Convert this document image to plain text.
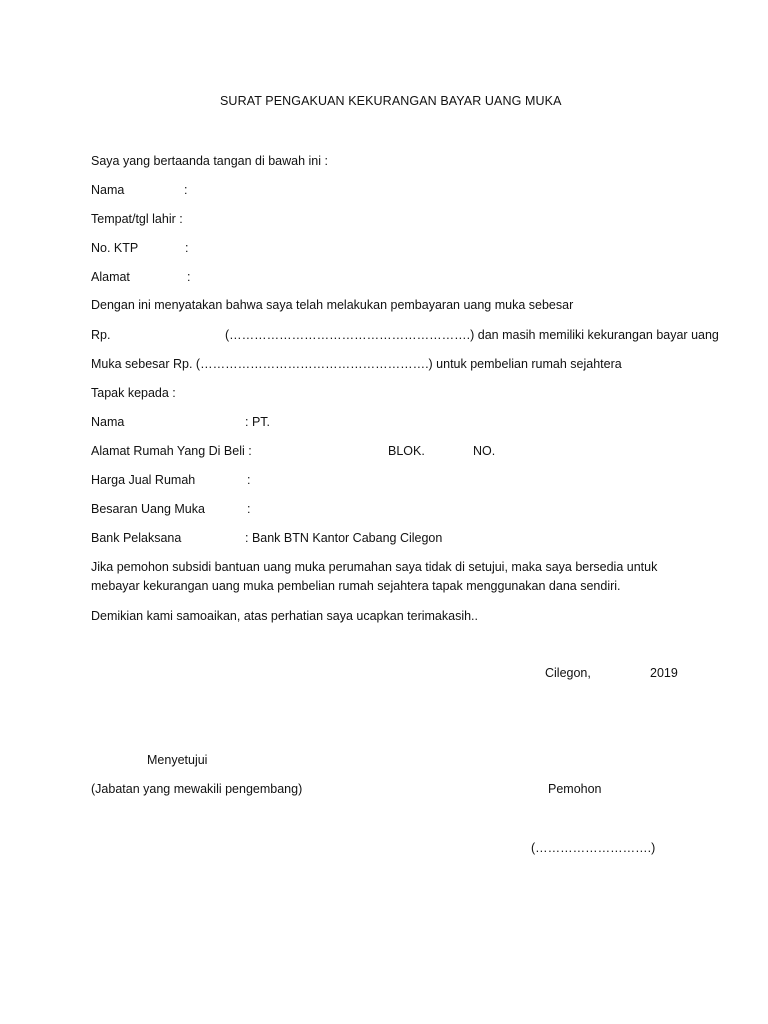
SURAT PENGAKUAN KEKURANGAN BAYAR UANG MUKA
Saya yang bertaanda tangan di bawah ini :
Nama	:
Tempat/tgl lahir :
No. KTP	:
Alamat	:
Dengan ini menyatakan bahwa saya telah melakukan pembayaran uang muka sebesar
Rp.	(………………………………………………….) dan masih memiliki kekurangan bayar uang
Muka sebesar Rp. (……………………………………………….) untuk pembelian rumah sejahtera
Tapak kepada :
Nama	: PT.
Alamat Rumah Yang Di Beli :	BLOK.	NO.
Harga Jual Rumah	:
Besaran Uang Muka	:
Bank Pelaksana	: Bank BTN Kantor Cabang Cilegon
Jika pemohon subsidi bantuan uang muka perumahan saya tidak di setujui, maka saya bersedia untuk
mebayar kekurangan uang muka pembelian rumah sejahtera tapak menggunakan dana sendiri.
Demikian kami samoaikan, atas perhatian saya ucapkan terimakasih..
Cilegon,	2019
Menyetujui
(Jabatan yang mewakili pengembang)	Pemohon
(……………………….)
